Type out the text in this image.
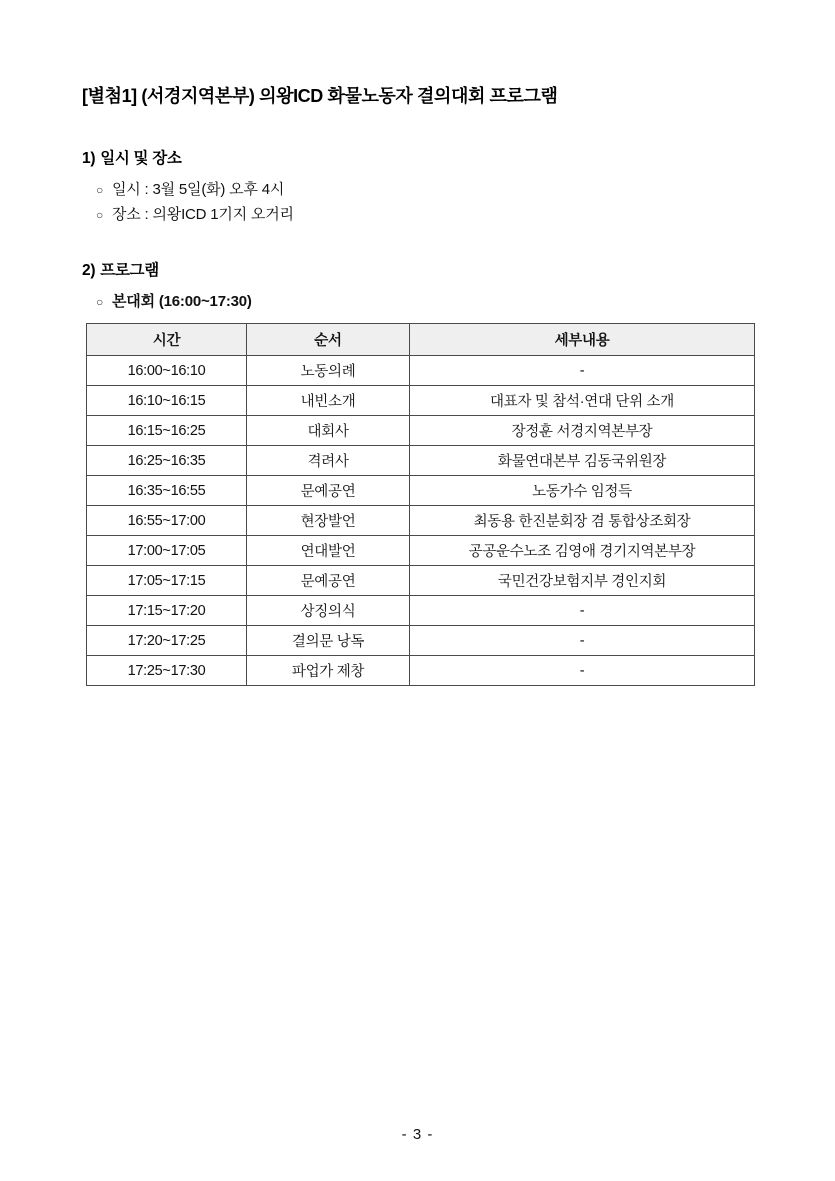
[별첨1] (서경지역본부) 의왕ICD 화물노동자 결의대회 프로그램
1) 일시 및 장소
○ 일시 : 3월 5일(화) 오후 4시
○ 장소 : 의왕ICD 1기지 오거리
2) 프로그램
○ 본대회 (16:00~17:30)
시간	순서	세부내용
16:00~16:10	노동의례	-
16:10~16:15	내빈소개	대표자 및 참석·연대 단위 소개
16:15~16:25	대회사	장정훈 서경지역본부장
16:25~16:35	격려사	화물연대본부 김동국위원장
16:35~16:55	문예공연	노동가수 임정득
16:55~17:00	현장발언	최동용 한진분회장 겸 통합상조회장
17:00~17:05	연대발언	공공운수노조 김영애 경기지역본부장
17:05~17:15	문예공연	국민건강보험지부 경인지회
17:15~17:20	상징의식	-
17:20~17:25	결의문 낭독	-
17:25~17:30	파업가 제창	-
- 3 -
